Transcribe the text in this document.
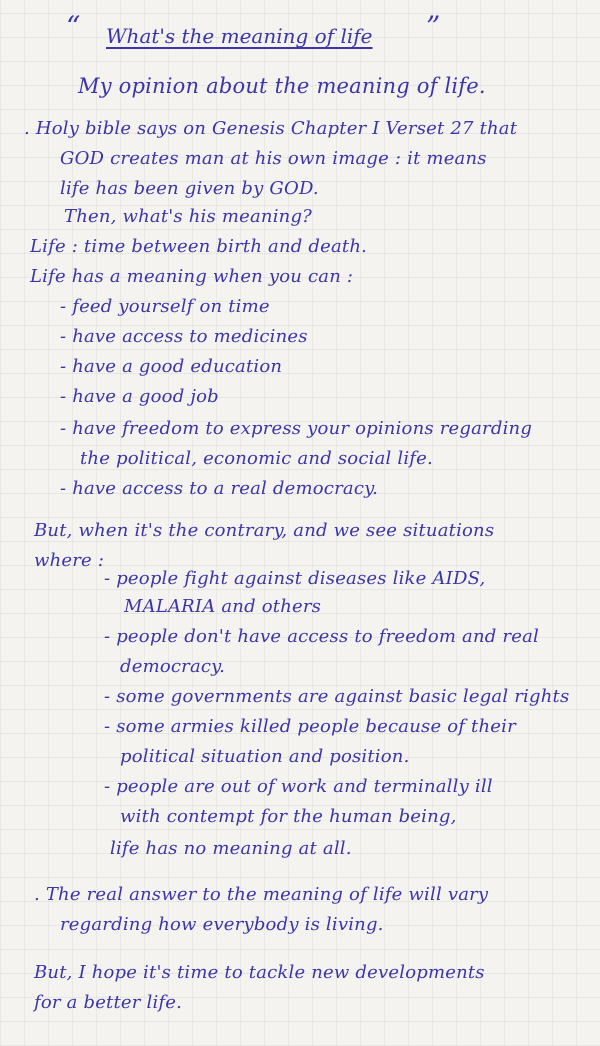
“ What's the meaning of life ”
My opinion about the meaning of life.
. Holy bible says on Genesis Chapter I Verset 27 that
GOD creates man at his own image : it means
life has been given by GOD.
Then, what's his meaning?
Life : time between birth and death.
Life has a meaning when you can :
- feed yourself on time
- have access to medicines
- have a good education
- have a good job
- have freedom to express your opinions regarding
the political, economic and social life.
- have access to a real democracy.
But, when it's the contrary, and we see situations
where :
- people fight against diseases like AIDS,
MALARIA and others
- people don't have access to freedom and real
democracy.
- some governments are against basic legal rights
- some armies killed people because of their
political situation and position.
- people are out of work and terminally ill
with contempt for the human being,
life has no meaning at all.
. The real answer to the meaning of life will vary
regarding how everybody is living.
But, I hope it's time to tackle new developments
for a better life.
